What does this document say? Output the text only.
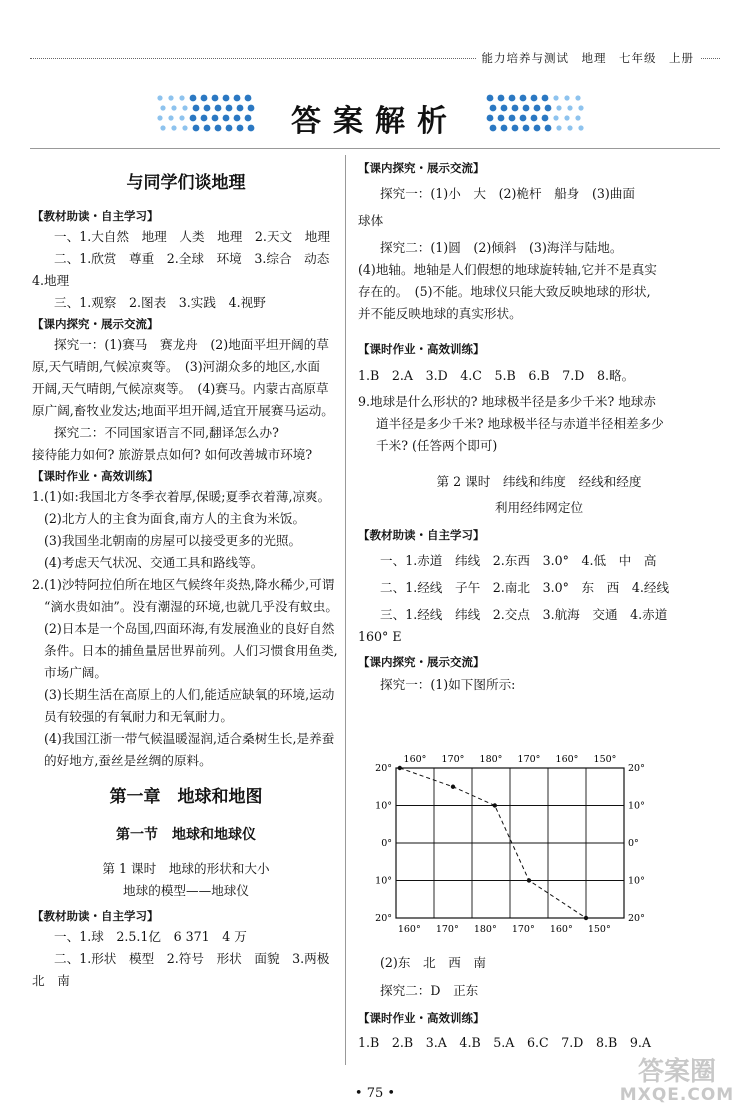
能力培养与测试　地理　七年级　上册
答案解析

与同学们谈地理

【教材助读・自主学习】

一、1.大自然　地理　人类　地理　2.天文　地理

二、1.欣赏　尊重　2.全球　环境　3.综合　动态

4.地理

三、1.观察　2.图表　3.实践　4.视野

【课内探究・展示交流】

探究一：(1)赛马　赛龙舟　(2)地面平坦开阔的草

原,天气晴朗,气候凉爽等。　(3)河湖众多的地区,水面

开阔,天气晴朗,气候凉爽等。　(4)赛马。内蒙古高原草

原广阔,畜牧业发达;地面平坦开阔,适宜开展赛马运动。

探究二：不同国家语言不同,翻译怎么办?

接待能力如何? 旅游景点如何? 如何改善城市环境?

【课时作业・高效训练】

1.(1)如:我国北方冬季衣着厚,保暖;夏季衣着薄,凉爽。

(2)北方人的主食为面食,南方人的主食为米饭。

(3)我国坐北朝南的房屋可以接受更多的光照。

(4)考虑天气状况、交通工具和路线等。

2.(1)沙特阿拉伯所在地区气候终年炎热,降水稀少,可谓

“滴水贵如油”。没有潮湿的环境,也就几乎没有蚊虫。

(2)日本是一个岛国,四面环海,有发展渔业的良好自然

条件。日本的捕鱼量居世界前列。人们习惯食用鱼类,

市场广阔。

(3)长期生活在高原上的人们,能适应缺氧的环境,运动

员有较强的有氧耐力和无氧耐力。

(4)我国江浙一带气候温暖湿润,适合桑树生长,是养蚕

的好地方,蚕丝是丝绸的原料。

第一章　地球和地图

第一节　地球和地球仪

第 1 课时　地球的形状和大小

地球的模型——地球仪

【教材助读・自主学习】

一、1.球　2.5.1亿　6 371　4 万

二、1.形状　模型　2.符号　形状　面貌　3.两极

北　南

【课内探究・展示交流】

探究一：(1)小　大　(2)桅杆　船身　(3)曲面

球体

探究二：(1)圆　(2)倾斜　(3)海洋与陆地。

(4)地轴。地轴是人们假想的地球旋转轴,它并不是真实

存在的。　(5)不能。地球仪只能大致反映地球的形状,

并不能反映地球的真实形状。

【课时作业・高效训练】

1.B　2.A　3.D　4.C　5.B　6.B　7.D　8.略。

9.地球是什么形状的? 地球极半径是多少千米? 地球赤

道半径是多少千米? 地球极半径与赤道半径相差多少

千米? (任答两个即可)

第 2 课时　纬线和纬度　经线和经度

利用经纬网定位

【教材助读・自主学习】

一、1.赤道　纬线　2.东西　3.0°　4.低　中　高

二、1.经线　子午　2.南北　3.0°　东　西　4.经线

三、1.经线　纬线　2.交点　3.航海　交通　4.赤道

160° E

【课内探究・展示交流】

探究一：(1)如下图所示:

160° 170° 180° 170° 160° 150°
160° 170° 180° 170° 160° 150°
20°
10°
0°
10°
20°
20°
10°
0°
10°
20°

(2)东　北　西　南

探究二：D　正东

【课时作业・高效训练】

1.B　2.B　3.A　4.B　5.A　6.C　7.D　8.B　9.A

• 75 •
答案圈
MXQE.COM
